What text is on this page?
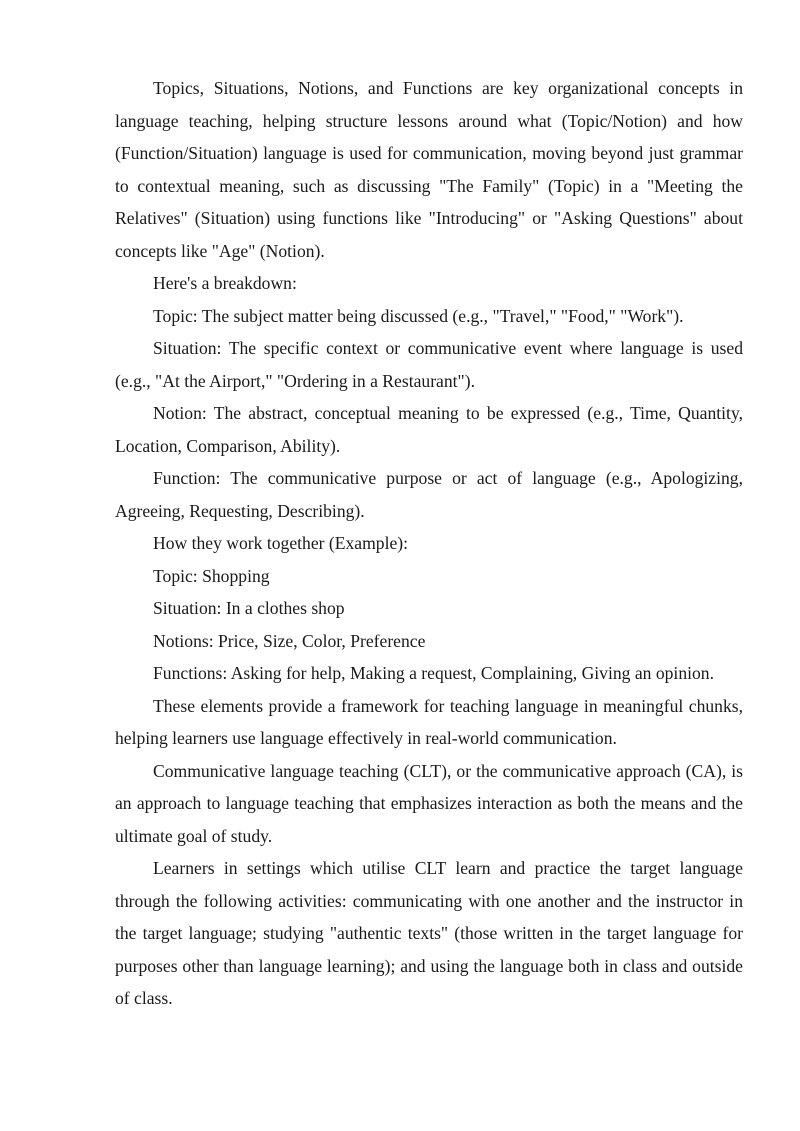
Topics, Situations, Notions, and Functions are key organizational concepts in language teaching, helping structure lessons around what (Topic/Notion) and how (Function/Situation) language is used for communication, moving beyond just grammar to contextual meaning, such as discussing "The Family" (Topic) in a "Meeting the Relatives" (Situation) using functions like "Introducing" or "Asking Questions" about concepts like "Age" (Notion).

Here's a breakdown:

Topic: The subject matter being discussed (e.g., "Travel," "Food," "Work").

Situation: The specific context or communicative event where language is used (e.g., "At the Airport," "Ordering in a Restaurant").

Notion: The abstract, conceptual meaning to be expressed (e.g., Time, Quantity, Location, Comparison, Ability).

Function: The communicative purpose or act of language (e.g., Apologizing, Agreeing, Requesting, Describing).

How they work together (Example):

Topic: Shopping

Situation: In a clothes shop

Notions: Price, Size, Color, Preference

Functions: Asking for help, Making a request, Complaining, Giving an opinion.

These elements provide a framework for teaching language in meaningful chunks, helping learners use language effectively in real-world communication.

Communicative language teaching (CLT), or the communicative approach (CA), is an approach to language teaching that emphasizes interaction as both the means and the ultimate goal of study.

Learners in settings which utilise CLT learn and practice the target language through the following activities: communicating with one another and the instructor in the target language; studying "authentic texts" (those written in the target language for purposes other than language learning); and using the language both in class and outside of class.
